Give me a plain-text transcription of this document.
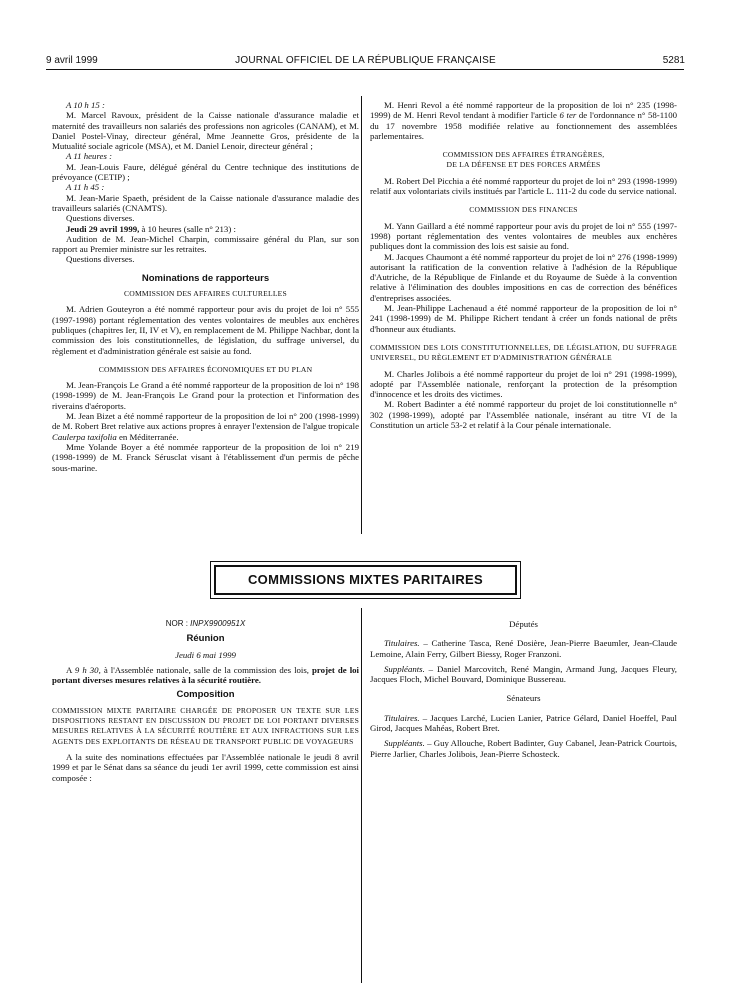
9 avril 1999	JOURNAL OFFICIEL DE LA RÉPUBLIQUE FRANÇAISE	5281

A 10 h 15 :

M. Marcel Ravoux, président de la Caisse nationale d'assurance maladie et maternité des travailleurs non salariés des professions non agricoles (CANAM), et M. Daniel Postel-Vinay, directeur général, Mme Jeannette Gros, présidente de la Mutualité sociale agricole (MSA), et M. Daniel Lenoir, directeur général ;

A 11 heures :

M. Jean-Louis Faure, délégué général du Centre technique des institutions de prévoyance (CETIP) ;

A 11 h 45 :

M. Jean-Marie Spaeth, président de la Caisse nationale d'assurance maladie des travailleurs salariés (CNAMTS).

Questions diverses.

Jeudi 29 avril 1999, à 10 heures (salle n° 213) :

Audition de M. Jean-Michel Charpin, commissaire général du Plan, sur son rapport au Premier ministre sur les retraites.

Questions diverses.

Nominations de rapporteurs

COMMISSION DES AFFAIRES CULTURELLES

M. Adrien Gouteyron a été nommé rapporteur pour avis du projet de loi n° 555 (1997-1998) portant réglementation des ventes volontaires de meubles aux enchères publiques (chapitres Ier, II, IV et V), en remplacement de M. Philippe Nachbar, dont la commission des lois constitutionnelles, de législation, du suffrage universel, du règlement et d'administration générale est saisie au fond.

COMMISSION DES AFFAIRES ÉCONOMIQUES ET DU PLAN

M. Jean-François Le Grand a été nommé rapporteur de la proposition de loi n° 198 (1998-1999) de M. Jean-François Le Grand pour la protection et l'information des riverains d'aéroports.

M. Jean Bizet a été nommé rapporteur de la proposition de loi n° 200 (1998-1999) de M. Robert Bret relative aux actions propres à enrayer l'extension de l'algue tropicale Caulerpa taxifolia en Méditerranée.

Mme Yolande Boyer a été nommée rapporteur de la proposition de loi n° 219 (1998-1999) de M. Franck Sérusclat visant à l'établissement d'un permis de pêche sous-marine.

M. Henri Revol a été nommé rapporteur de la proposition de loi n° 235 (1998-1999) de M. Henri Revol tendant à modifier l'article 6 ter de l'ordonnance n° 58-1100 du 17 novembre 1958 modifiée relative au fonctionnement des assemblées parlementaires.

COMMISSION DES AFFAIRES ÉTRANGÈRES,

DE LA DÉFENSE ET DES FORCES ARMÉES

M. Robert Del Picchia a été nommé rapporteur du projet de loi n° 293 (1998-1999) relatif aux volontariats civils institués par l'article L. 111-2 du code du service national.

COMMISSION DES FINANCES

M. Yann Gaillard a été nommé rapporteur pour avis du projet de loi n° 555 (1997-1998) portant réglementation des ventes volontaires de meubles aux enchères publiques dont la commission des lois est saisie au fond.

M. Jacques Chaumont a été nommé rapporteur du projet de loi n° 276 (1998-1999) autorisant la ratification de la convention relative à l'adhésion de la République d'Autriche, de la République de Finlande et du Royaume de Suède à la convention relative à l'élimination des doubles impositions en cas de correction des bénéfices d'entreprises associées.

M. Jean-Philippe Lachenaud a été nommé rapporteur de la proposition de loi n° 241 (1998-1999) de M. Philippe Richert tendant à créer un fonds national de prêts d'honneur aux étudiants.

COMMISSION DES LOIS CONSTITUTIONNELLES, DE LÉGISLATION, DU SUFFRAGE UNIVERSEL, DU RÈGLEMENT ET D'ADMINISTRATION GÉNÉRALE

M. Charles Jolibois a été nommé rapporteur du projet de loi n° 291 (1998-1999), adopté par l'Assemblée nationale, renforçant la protection de la présomption d'innocence et les droits des victimes.

M. Robert Badinter a été nommé rapporteur du projet de loi constitutionnelle n° 302 (1998-1999), adopté par l'Assemblée nationale, insérant au titre VI de la Constitution un article 53-2 et relatif à la Cour pénale internationale.

COMMISSIONS MIXTES PARITAIRES

NOR : INPX9900951X

Réunion

Jeudi 6 mai 1999

A 9 h 30, à l'Assemblée nationale, salle de la commission des lois, projet de loi portant diverses mesures relatives à la sécurité routière.

Composition

COMMISSION MIXTE PARITAIRE CHARGÉE DE PROPOSER UN TEXTE SUR LES DISPOSITIONS RESTANT EN DISCUSSION DU PROJET DE LOI PORTANT DIVERSES MESURES RELATIVES À LA SÉCURITÉ ROUTIÈRE ET AUX INFRACTIONS SUR LES AGENTS DES EXPLOITANTS DE RÉSEAU DE TRANSPORT PUBLIC DE VOYAGEURS

A la suite des nominations effectuées par l'Assemblée nationale le jeudi 8 avril 1999 et par le Sénat dans sa séance du jeudi 1er avril 1999, cette commission est ainsi composée :

Députés

Titulaires. – Catherine Tasca, René Dosière, Jean-Pierre Baeumler, Jean-Claude Lemoine, Alain Ferry, Gilbert Biessy, Roger Franzoni.

Suppléants. – Daniel Marcovitch, René Mangin, Armand Jung, Jacques Fleury, Jacques Floch, Michel Bouvard, Dominique Bussereau.

Sénateurs

Titulaires. – Jacques Larché, Lucien Lanier, Patrice Gélard, Daniel Hoeffel, Paul Girod, Jacques Mahéas, Robert Bret.

Suppléants. – Guy Allouche, Robert Badinter, Guy Cabanel, Jean-Patrick Courtois, Pierre Jarlier, Charles Jolibois, Jean-Pierre Schosteck.
